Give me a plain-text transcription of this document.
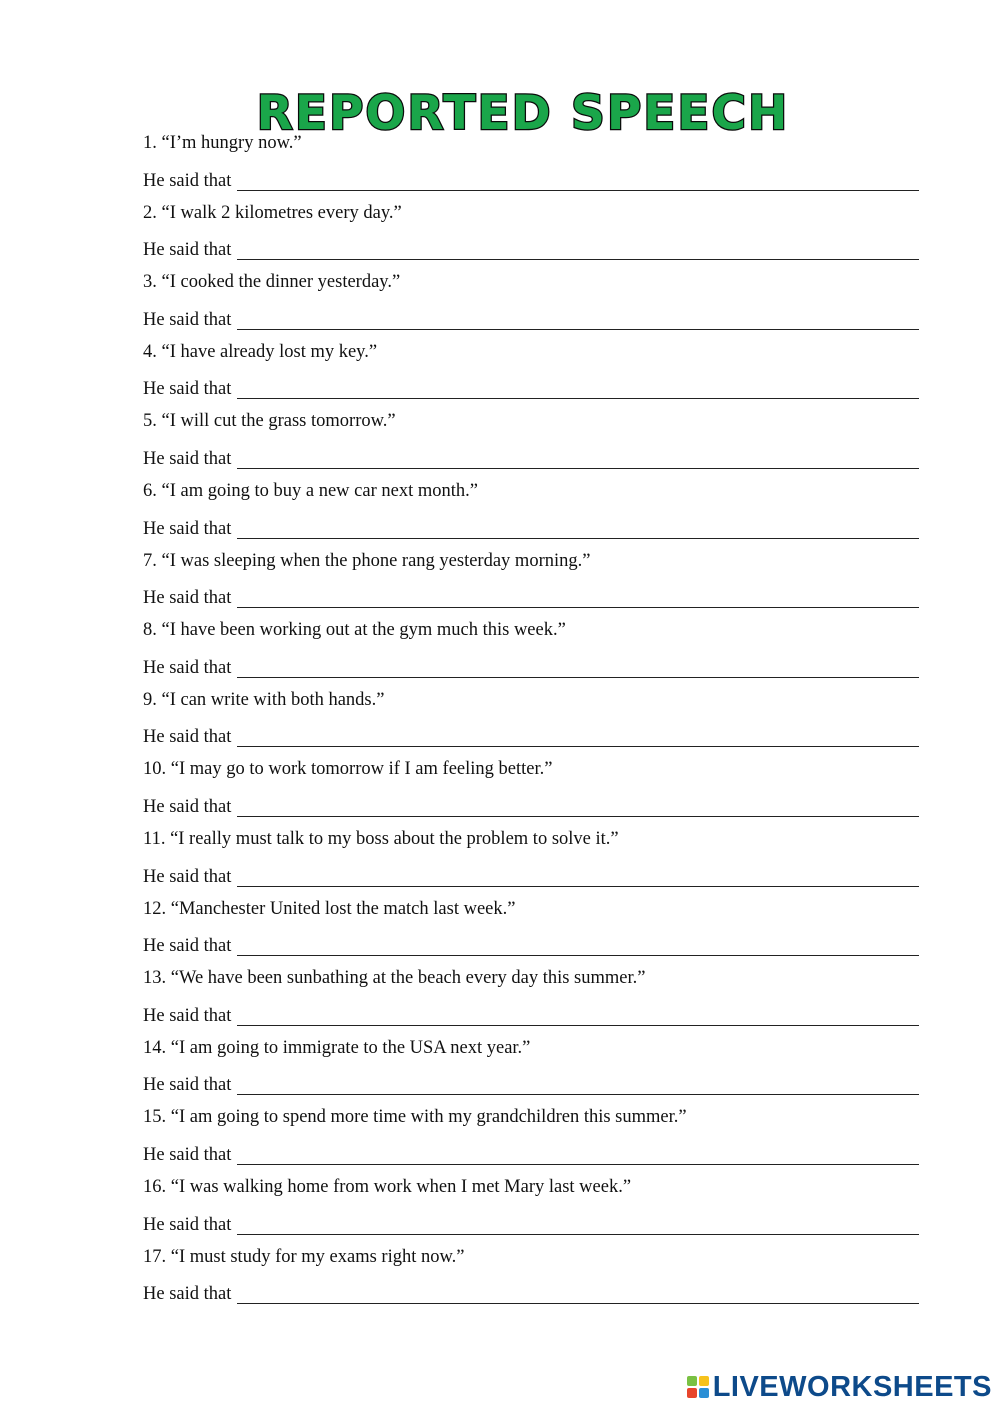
REPORTED SPEECH
1. “I’m hungry now.”
He said that
2. “I walk 2 kilometres every day.”
He said that
3. “I cooked the dinner yesterday.”
He said that
4. “I have already lost my key.”
He said that
5. “I will cut the grass tomorrow.”
He said that
6. “I am going to buy a new car next month.”
He said that
7. “I was sleeping when the phone rang yesterday morning.”
He said that
8. “I have been working out at the gym much this week.”
He said that
9. “I can write with both hands.”
He said that
10. “I may go to work tomorrow if I am feeling better.”
He said that
11. “I really must talk to my boss about the problem to solve it.”
He said that
12. “Manchester United lost the match last week.”
He said that
13. “We have been sunbathing at the beach every day this summer.”
He said that
14. “I am going to immigrate to the USA next year.”
He said that
15. “I am going to spend more time with my grandchildren this summer.”
He said that
16. “I was walking home from work when I met Mary last week.”
He said that
17. “I must study for my exams right now.”
He said that
LIVEWORKSHEETS
